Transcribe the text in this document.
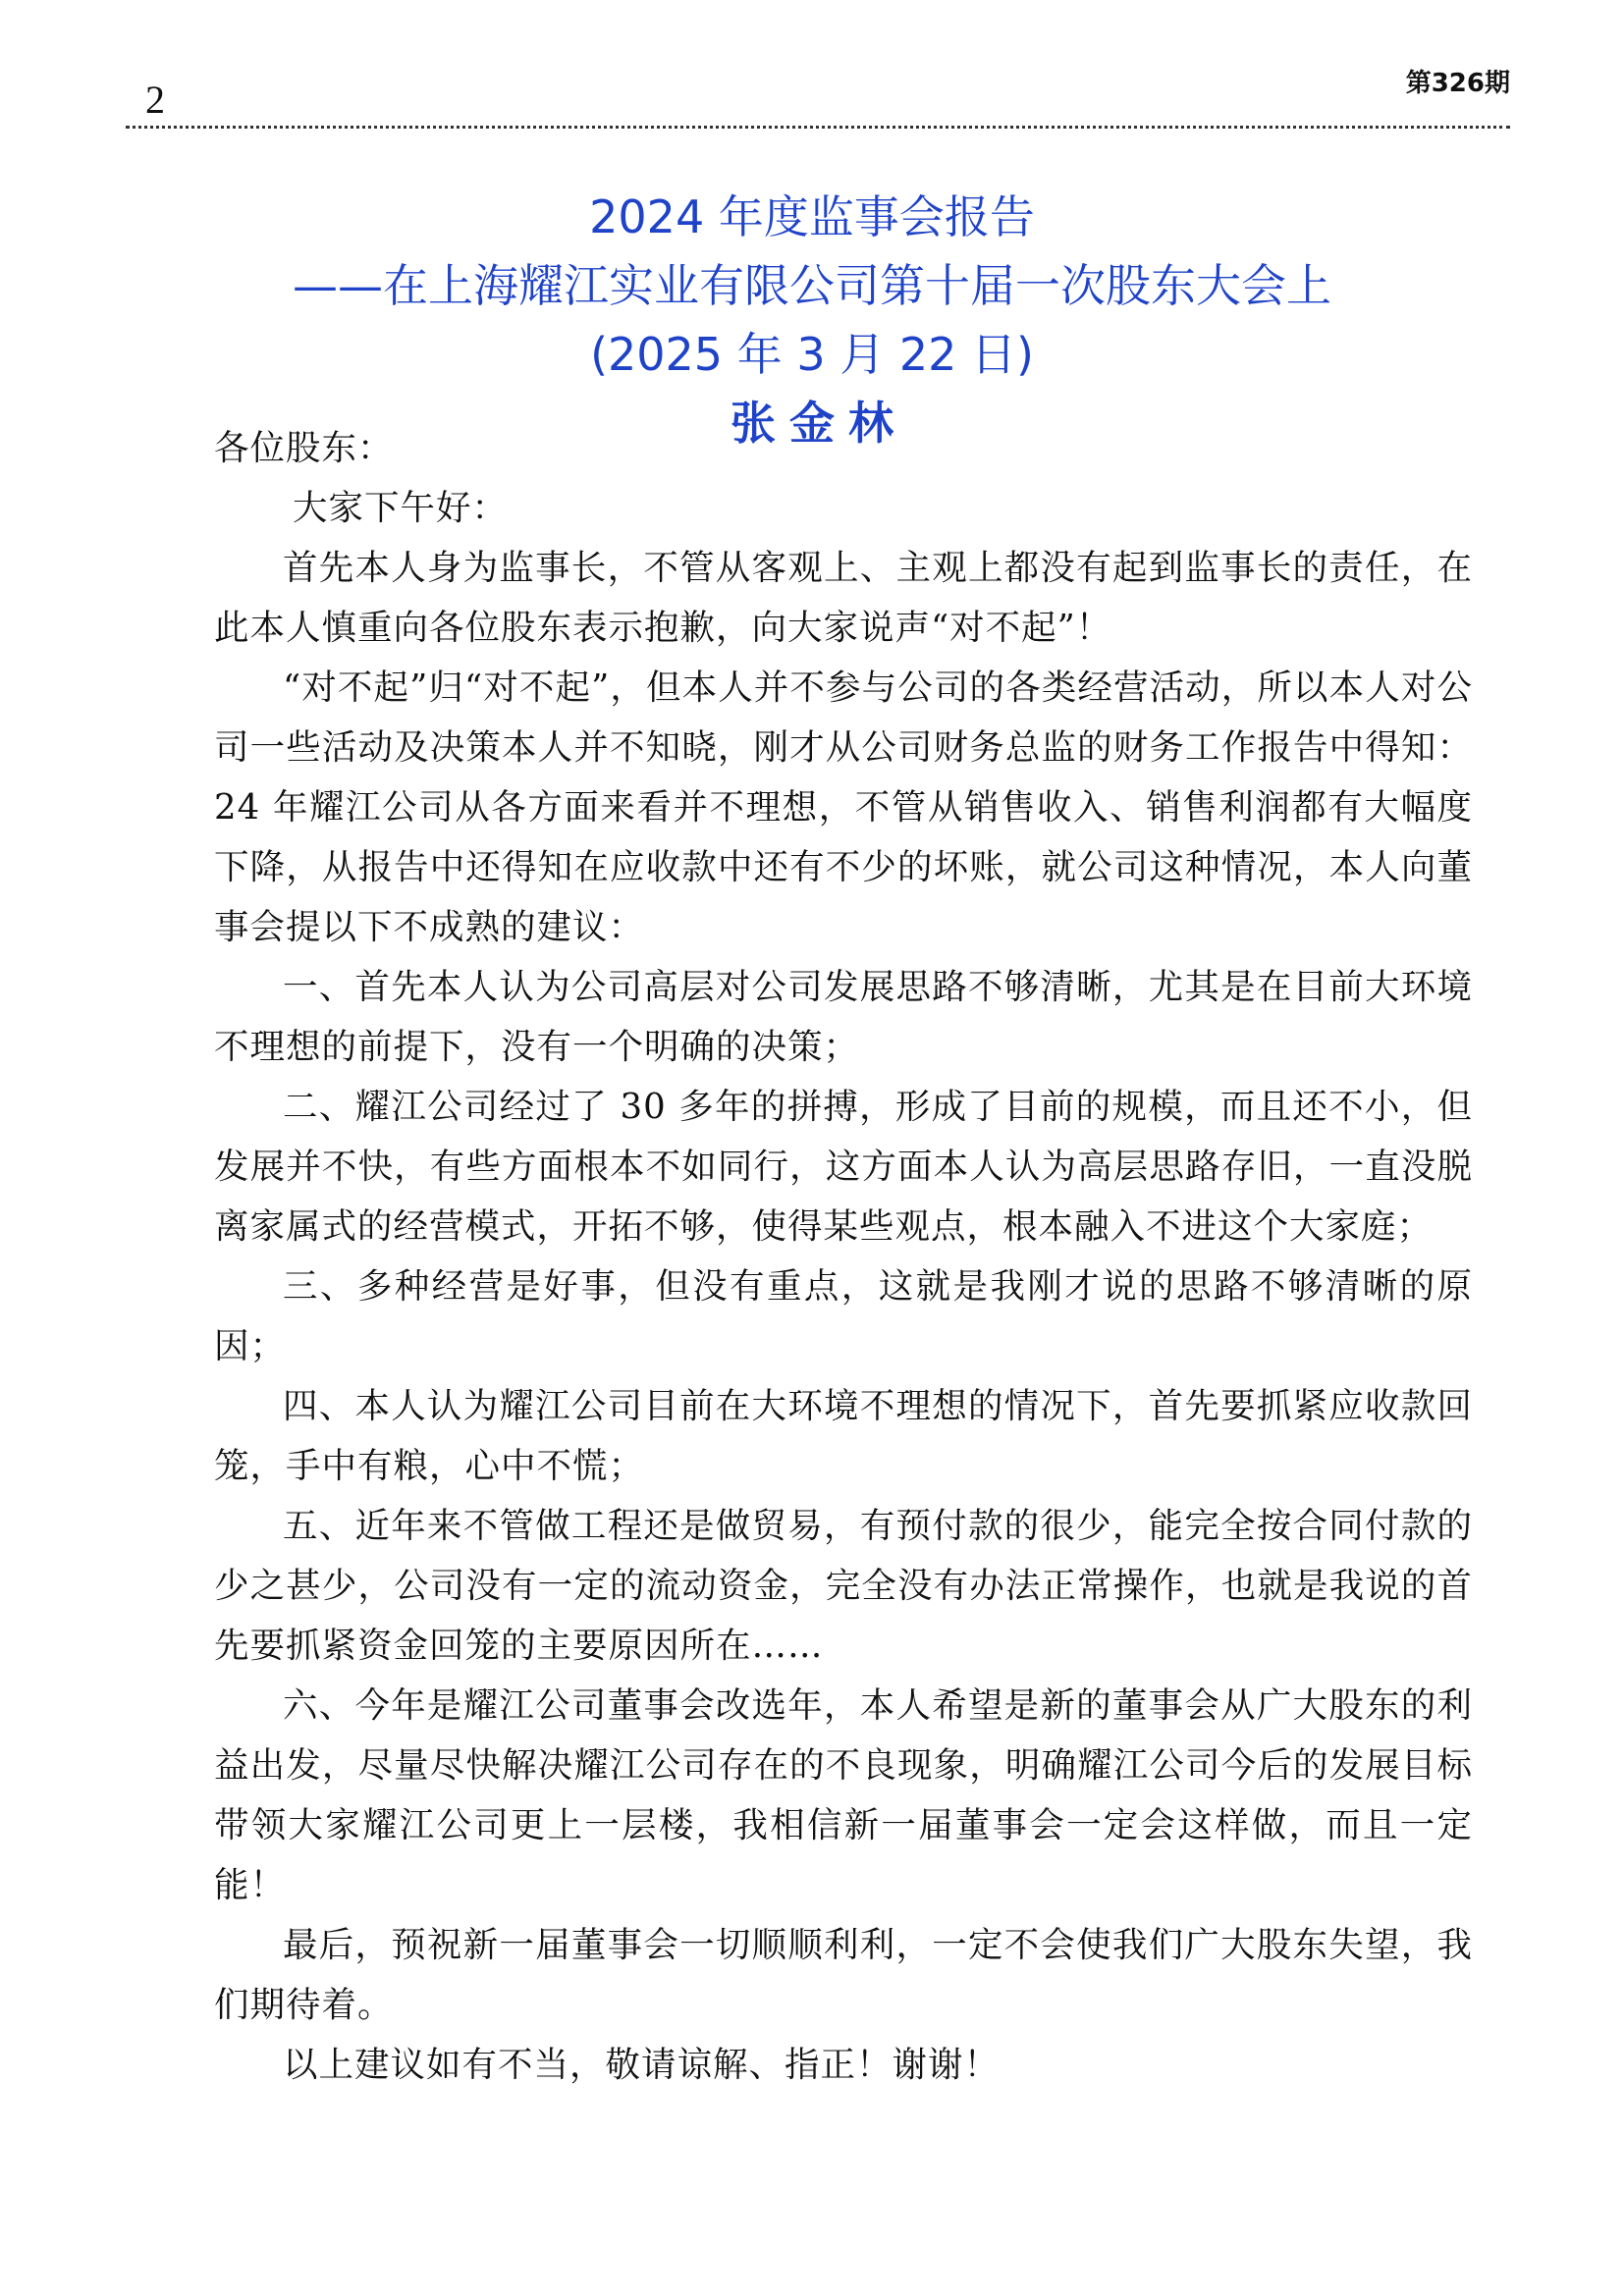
2	第326期
2024 年度监事会报告
——在上海耀江实业有限公司第十届一次股东大会上
(2025 年 3 月 22 日)
张金林

各位股东：

大家下午好：

首先本人身为监事长，不管从客观上、主观上都没有起到监事长的责任，在此本人慎重向各位股东表示抱歉，向大家说声“对不起”！

“对不起”归“对不起”，但本人并不参与公司的各类经营活动，所以本人对公司一些活动及决策本人并不知晓，刚才从公司财务总监的财务工作报告中得知：24 年耀江公司从各方面来看并不理想，不管从销售收入、销售利润都有大幅度下降，从报告中还得知在应收款中还有不少的坏账，就公司这种情况，本人向董事会提以下不成熟的建议：

一、首先本人认为公司高层对公司发展思路不够清晰，尤其是在目前大环境不理想的前提下，没有一个明确的决策；

二、耀江公司经过了 30 多年的拼搏，形成了目前的规模，而且还不小，但发展并不快，有些方面根本不如同行，这方面本人认为高层思路存旧，一直没脱离家属式的经营模式，开拓不够，使得某些观点，根本融入不进这个大家庭；

三、多种经营是好事，但没有重点，这就是我刚才说的思路不够清晰的原因；

四、本人认为耀江公司目前在大环境不理想的情况下，首先要抓紧应收款回笼，手中有粮，心中不慌；

五、近年来不管做工程还是做贸易，有预付款的很少，能完全按合同付款的少之甚少，公司没有一定的流动资金，完全没有办法正常操作，也就是我说的首先要抓紧资金回笼的主要原因所在……

六、今年是耀江公司董事会改选年，本人希望是新的董事会从广大股东的利益出发，尽量尽快解决耀江公司存在的不良现象，明确耀江公司今后的发展目标带领大家耀江公司更上一层楼，我相信新一届董事会一定会这样做，而且一定能！

最后，预祝新一届董事会一切顺顺利利，一定不会使我们广大股东失望，我们期待着。

以上建议如有不当，敬请谅解、指正！谢谢！
